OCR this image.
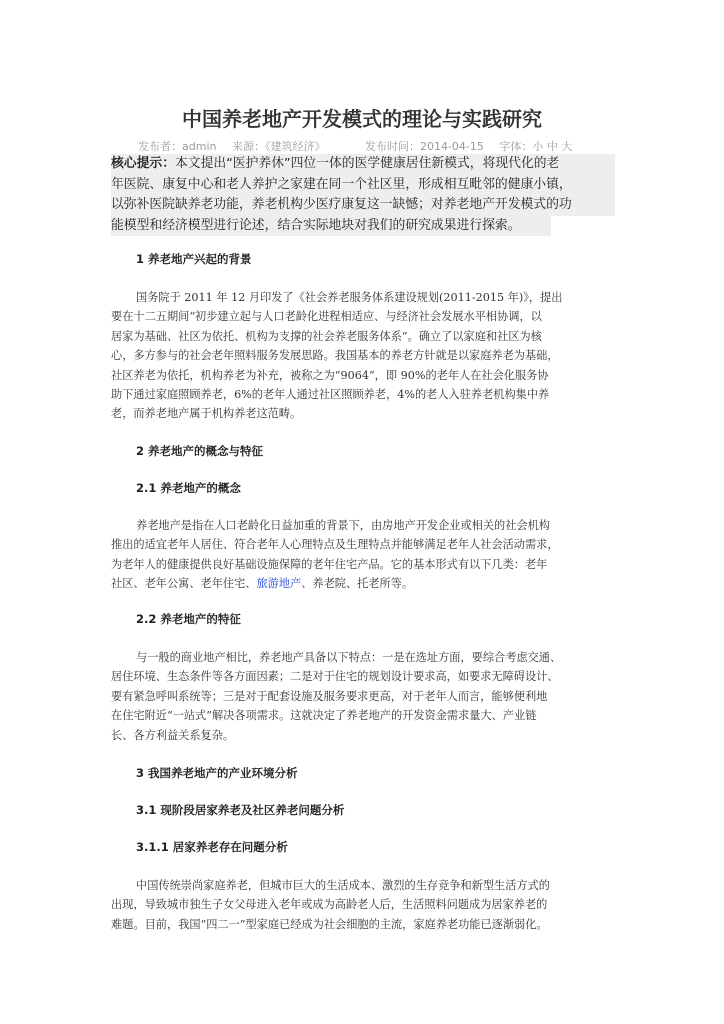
中国养老地产开发模式的理论与实践研究
发布者：admin 来源：《建筑经济》	发布时间：2014-04-15 字体：小 中 大
核心提示：本文提出“医护养休”四位一体的医学健康居住新模式，将现代化的老
年医院、康复中心和老人养护之家建在同一个社区里，形成相互毗邻的健康小镇，
以弥补医院缺养老功能，养老机构少医疗康复这一缺憾；对养老地产开发模式的功
能模型和经济模型进行论述，结合实际地块对我们的研究成果进行探索。
1 养老地产兴起的背景
国务院于 2011 年 12 月印发了《社会养老服务体系建设规划(2011-2015 年)》，提出
要在十二五期间“初步建立起与人口老龄化进程相适应、与经济社会发展水平相协调，以
居家为基础、社区为依托、机构为支撑的社会养老服务体系”。确立了以家庭和社区为核
心，多方参与的社会老年照料服务发展思路。我国基本的养老方针就是以家庭养老为基础，
社区养老为依托，机构养老为补充，被称之为“9064”，即 90%的老年人在社会化服务协
助下通过家庭照顾养老，6%的老年人通过社区照顾养老，4%的老人入驻养老机构集中养
老，而养老地产属于机构养老这范畴。
2 养老地产的概念与特征
2.1 养老地产的概念
养老地产是指在人口老龄化日益加重的背景下，由房地产开发企业或相关的社会机构
推出的适宜老年人居住、符合老年人心理特点及生理特点并能够满足老年人社会活动需求，
为老年人的健康提供良好基础设施保障的老年住宅产品。它的基本形式有以下几类：老年
社区、老年公寓、老年住宅、旅游地产、养老院、托老所等。
2.2 养老地产的特征
与一般的商业地产相比，养老地产具备以下特点：一是在选址方面，要综合考虑交通、
居住环境、生态条件等各方面因素；二是对于住宅的规划设计要求高，如要求无障碍设计、
要有紧急呼叫系统等；三是对于配套设施及服务要求更高，对于老年人而言，能够便利地
在住宅附近“一站式”解决各项需求。这就决定了养老地产的开发资金需求量大、产业链
长、各方利益关系复杂。
3 我国养老地产的产业环境分析
3.1 现阶段居家养老及社区养老问题分析
3.1.1 居家养老存在问题分析
中国传统崇尚家庭养老，但城市巨大的生活成本、激烈的生存竞争和新型生活方式的
出现，导致城市独生子女父母进入老年或成为高龄老人后，生活照料问题成为居家养老的
难题。目前，我国“四二一”型家庭已经成为社会细胞的主流，家庭养老功能已逐渐弱化。
